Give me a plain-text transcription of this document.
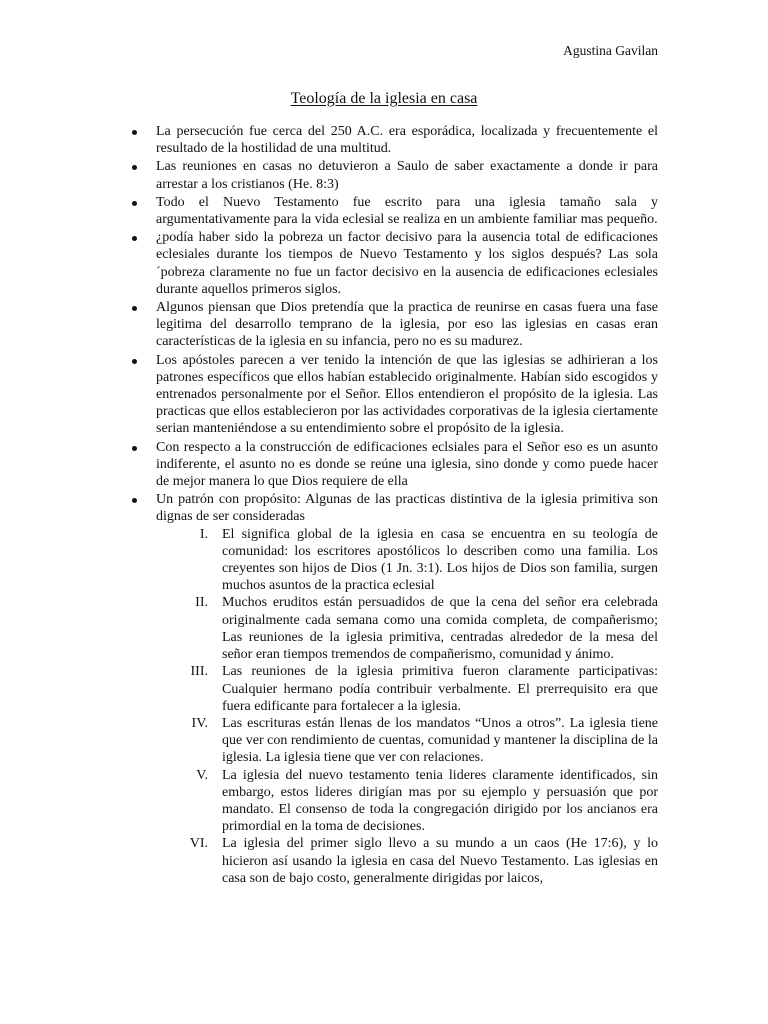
Agustina Gavilan
Teología de la iglesia en casa
La persecución fue cerca del 250 A.C. era esporádica, localizada y frecuentemente el resultado de la hostilidad de una multitud.
Las reuniones en casas no detuvieron a Saulo de saber exactamente a donde ir para arrestar a los cristianos (He. 8:3)
Todo el Nuevo Testamento fue escrito para una iglesia tamaño sala y argumentativamente para la vida eclesial se realiza en un ambiente familiar mas pequeño.
¿podía haber sido la pobreza un factor decisivo para la ausencia total de edificaciones eclesiales durante los tiempos de Nuevo Testamento y los siglos después? Las sola ´pobreza claramente no fue un factor decisivo en la ausencia de edificaciones eclesiales durante aquellos primeros siglos.
Algunos piensan que Dios pretendía que la practica de reunirse en casas fuera una fase legitima del desarrollo temprano de la iglesia, por eso las iglesias en casas eran características de la iglesia en su infancia, pero no es su madurez.
Los apóstoles parecen a ver tenido la intención de que las iglesias se adhirieran a los patrones específicos que ellos habían establecido originalmente. Habían sido escogidos y entrenados personalmente por el Señor. Ellos entendieron el propósito de la iglesia. Las practicas que ellos establecieron por las actividades corporativas de la iglesia ciertamente serian manteniéndose a su entendimiento sobre el propósito de la iglesia.
Con respecto a la construcción de edificaciones eclsiales para el Señor eso es un asunto indiferente, el asunto no es donde se reúne una iglesia, sino donde y como puede hacer de mejor manera lo que Dios requiere de ella
Un patrón con propósito: Algunas de las practicas distintiva de la iglesia primitiva son dignas de ser consideradas
I. El significa global de la iglesia en casa se encuentra en su teología de comunidad: los escritores apostólicos lo describen como una familia. Los creyentes son hijos de Dios (1 Jn. 3:1). Los hijos de Dios son familia, surgen muchos asuntos de la practica eclesial
II. Muchos eruditos están persuadidos de que la cena del señor era celebrada originalmente cada semana como una comida completa, de compañerismo; Las reuniones de la iglesia primitiva, centradas alrededor de la mesa del señor eran tiempos tremendos de compañerismo, comunidad y ánimo.
III. Las reuniones de la iglesia primitiva fueron claramente participativas: Cualquier hermano podía contribuir verbalmente. El prerrequisito era que fuera edificante para fortalecer a la iglesia.
IV. Las escrituras están llenas de los mandatos “Unos a otros”. La iglesia tiene que ver con rendimiento de cuentas, comunidad y mantener la disciplina de la iglesia. La iglesia tiene que ver con relaciones.
V. La iglesia del nuevo testamento tenia lideres claramente identificados, sin embargo, estos lideres dirigían mas por su ejemplo y persuasión que por mandato. El consenso de toda la congregación dirigido por los ancianos era primordial en la toma de decisiones.
VI. La iglesia del primer siglo llevo a su mundo a un caos (He 17:6), y lo hicieron así usando la iglesia en casa del Nuevo Testamento. Las iglesias en casa son de bajo costo, generalmente dirigidas por laicos,
